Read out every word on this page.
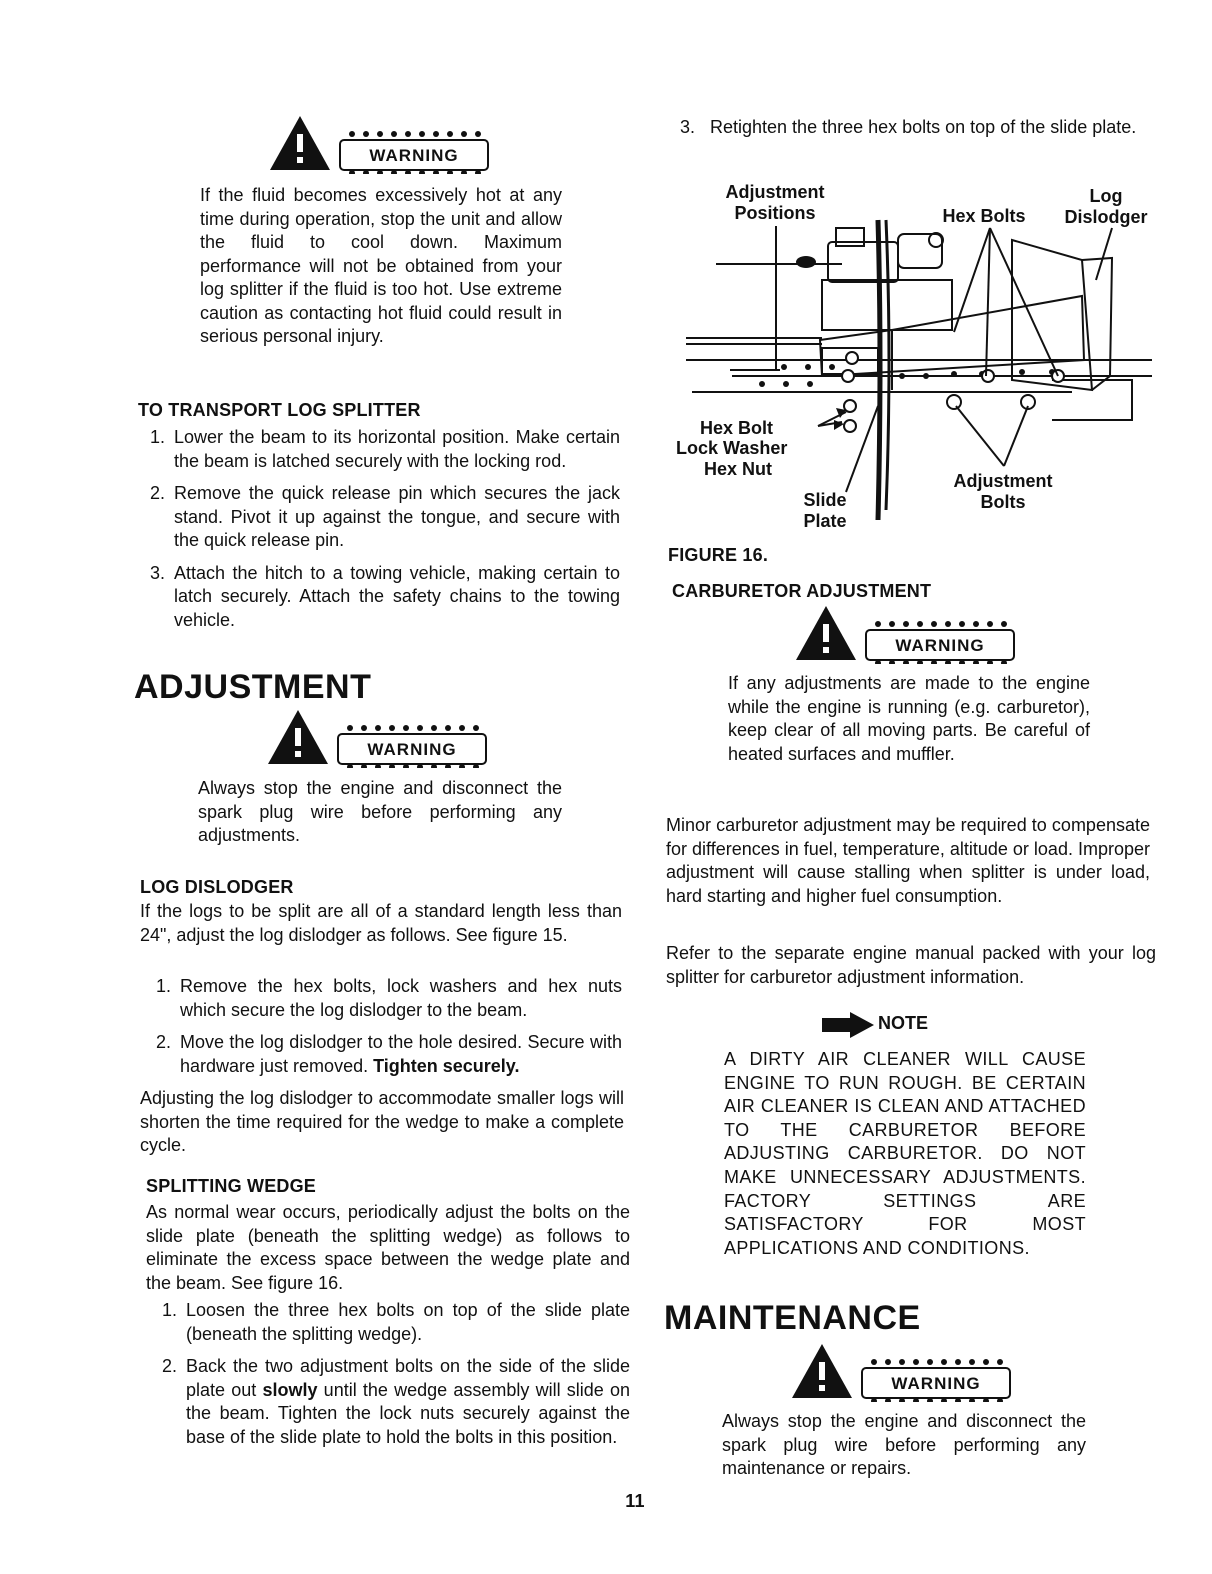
WARNING

If the fluid becomes excessively hot at any time during operation, stop the unit and allow the fluid to cool down. Maximum performance will not be obtained from your log splitter if the fluid is too hot. Use extreme caution as contacting hot fluid could result in serious personal injury.

TO TRANSPORT LOG SPLITTER

1. Lower the beam to its horizontal position. Make certain the beam is latched securely with the locking rod.
2. Remove the quick release pin which secures the jack stand. Pivot it up against the tongue, and secure with the quick release pin.
3. Attach the hitch to a towing vehicle, making certain to latch securely. Attach the safety chains to the towing vehicle.
ADJUSTMENT
WARNING

Always stop the engine and disconnect the spark plug wire before performing any adjustments.

LOG DISLODGER

If the logs to be split are all of a standard length less than 24", adjust the log dislodger as follows. See figure 15.

1. Remove the hex bolts, lock washers and hex nuts which secure the log dislodger to the beam.
2. Move the log dislodger to the hole desired. Secure with hardware just removed. Tighten securely.

Adjusting the log dislodger to accommodate smaller logs will shorten the time required for the wedge to make a complete cycle.

SPLITTING WEDGE

As normal wear occurs, periodically adjust the bolts on the slide plate (beneath the splitting wedge) as follows to eliminate the excess space between the wedge plate and the beam. See figure 16.

1. Loosen the three hex bolts on top of the slide plate (beneath the splitting wedge).
2. Back the two adjustment bolts on the side of the slide plate out slowly until the wedge assembly will slide on the beam. Tighten the lock nuts securely against the base of the slide plate to hold the bolts in this position.
3. Retighten the three hex bolts on top of the slide plate.
Adjustment
Positions	Hex Bolts
Log
Dislodger
Hex Bolt
Lock Washer
Hex Nut
Slide
Plate
Adjustment
Bolts

FIGURE 16.

CARBURETOR ADJUSTMENT

WARNING

If any adjustments are made to the engine while the engine is running (e.g. carburetor), keep clear of all moving parts. Be careful of heated surfaces and muffler.

Minor carburetor adjustment may be required to compensate for differences in fuel, temperature, altitude or load. Improper adjustment will cause stalling when splitter is under load, hard starting and higher fuel consumption.

Refer to the separate engine manual packed with your log splitter for carburetor adjustment information.

NOTE

A DIRTY AIR CLEANER WILL CAUSE ENGINE TO RUN ROUGH. BE CERTAIN AIR CLEANER IS CLEAN AND ATTACHED TO THE CARBURETOR BEFORE ADJUSTING CARBURETOR. DO NOT MAKE UNNECESSARY ADJUSTMENTS. FACTORY SETTINGS ARE SATISFACTORY FOR MOST APPLICATIONS AND CONDITIONS.

MAINTENANCE
WARNING

Always stop the engine and disconnect the spark plug wire before performing any maintenance or repairs.

11
